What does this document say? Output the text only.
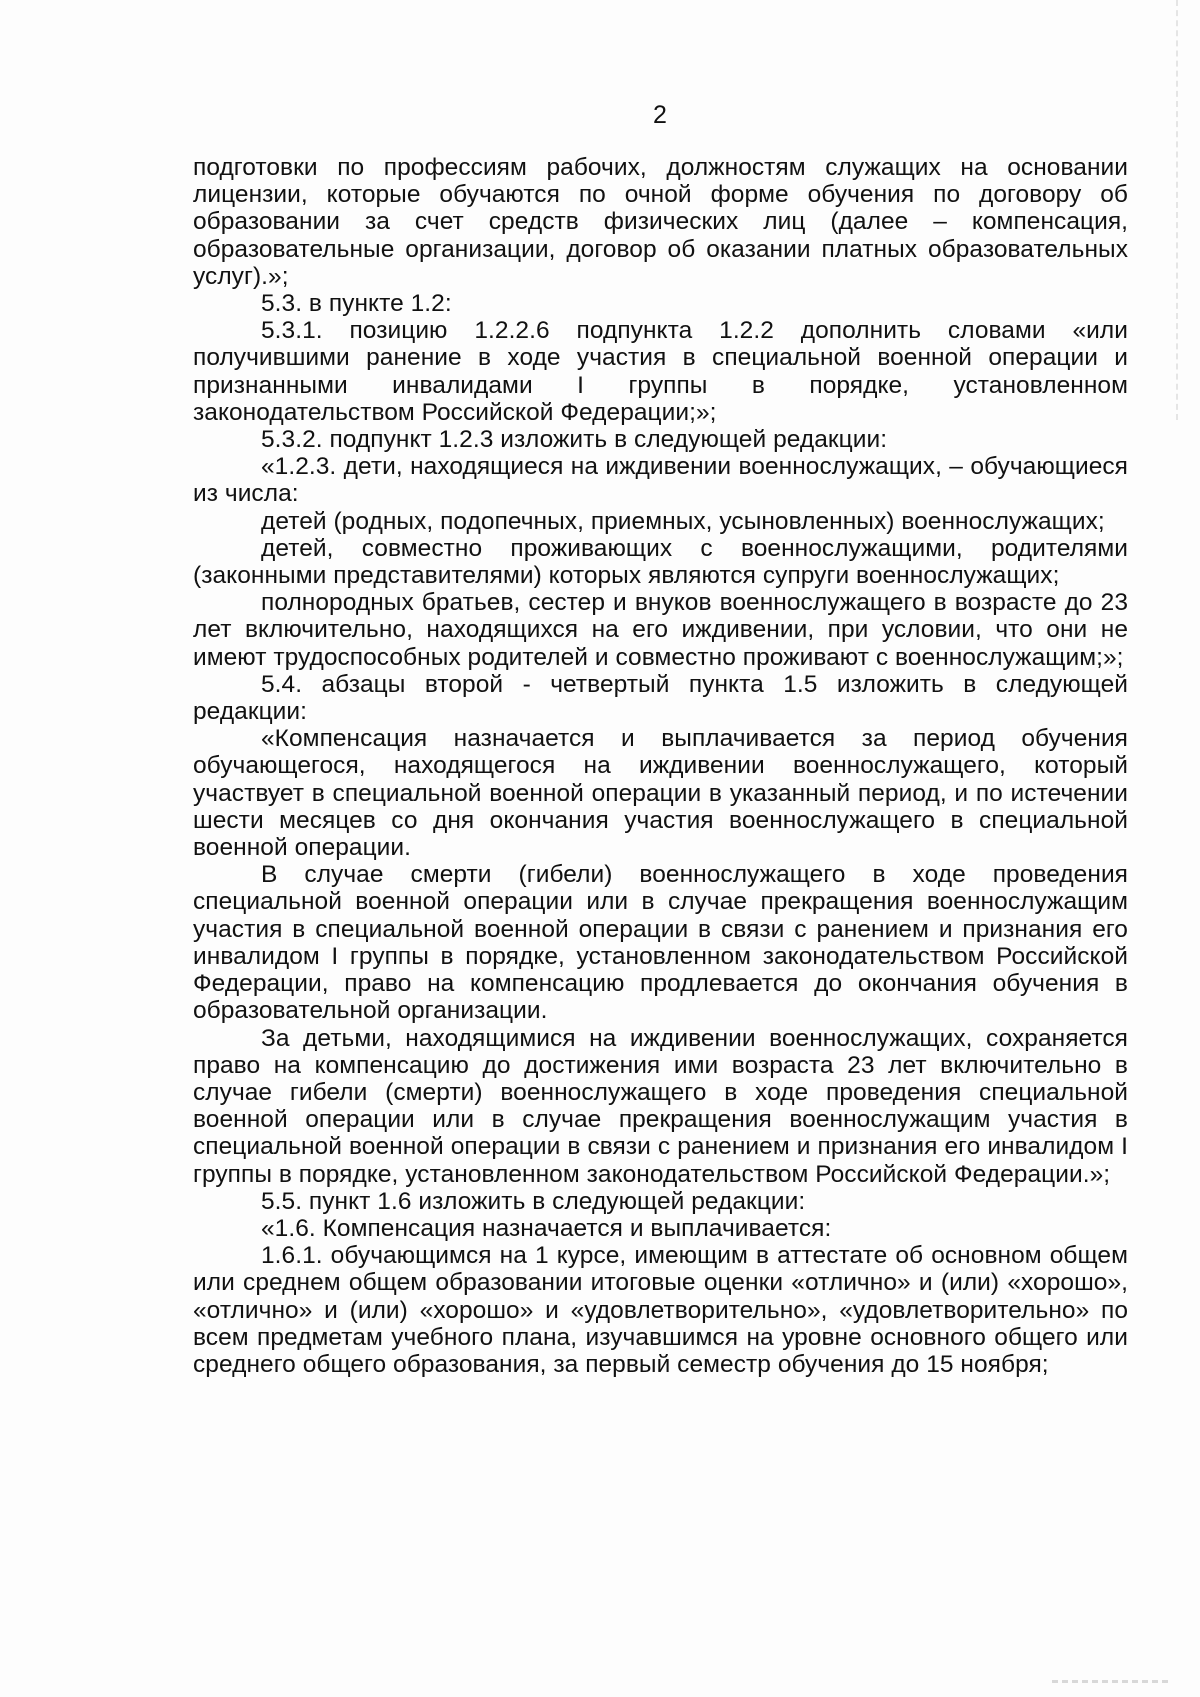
2

подготовки по профессиям рабочих, должностям служащих на основании лицензии, которые обучаются по очной форме обучения по договору об образовании за счет средств физических лиц (далее – компенсация, образовательные организации, договор об оказании платных образовательных услуг).»;

5.3. в пункте 1.2:

5.3.1. позицию 1.2.2.6 подпункта 1.2.2 дополнить словами «или получившими ранение в ходе участия в специальной военной операции и признанными инвалидами I группы в порядке, установленном законодательством Российской Федерации;»;

5.3.2. подпункт 1.2.3 изложить в следующей редакции:

«1.2.3. дети, находящиеся на иждивении военнослужащих, – обучающиеся из числа:

детей (родных, подопечных, приемных, усыновленных) военнослужащих;

детей, совместно проживающих с военнослужащими, родителями (законными представителями) которых являются супруги военнослужащих;

полнородных братьев, сестер и внуков военнослужащего в возрасте до 23 лет включительно, находящихся на его иждивении, при условии, что они не имеют трудоспособных родителей и совместно проживают с военнослужащим;»;

5.4. абзацы второй - четвертый пункта 1.5 изложить в следующей редакции:

«Компенсация назначается и выплачивается за период обучения обучающегося, находящегося на иждивении военнослужащего, который участвует в специальной военной операции в указанный период, и по истечении шести месяцев со дня окончания участия военнослужащего в специальной военной операции.

В случае смерти (гибели) военнослужащего в ходе проведения специальной военной операции или в случае прекращения военнослужащим участия в специальной военной операции в связи с ранением и признания его инвалидом I группы в порядке, установленном законодательством Российской Федерации, право на компенсацию продлевается до окончания обучения в образовательной организации.

За детьми, находящимися на иждивении военнослужащих, сохраняется право на компенсацию до достижения ими возраста 23 лет включительно в случае гибели (смерти) военнослужащего в ходе проведения специальной военной операции или в случае прекращения военнослужащим участия в специальной военной операции в связи с ранением и признания его инвалидом I группы в порядке, установленном законодательством Российской Федерации.»;

5.5. пункт 1.6 изложить в следующей редакции:

«1.6. Компенсация назначается и выплачивается:

1.6.1. обучающимся на 1 курсе, имеющим в аттестате об основном общем или среднем общем образовании итоговые оценки «отлично» и (или) «хорошо», «отлично» и (или) «хорошо» и «удовлетворительно», «удовлетворительно» по всем предметам учебного плана, изучавшимся на уровне основного общего или среднего общего образования, за первый семестр обучения до 15 ноября;
